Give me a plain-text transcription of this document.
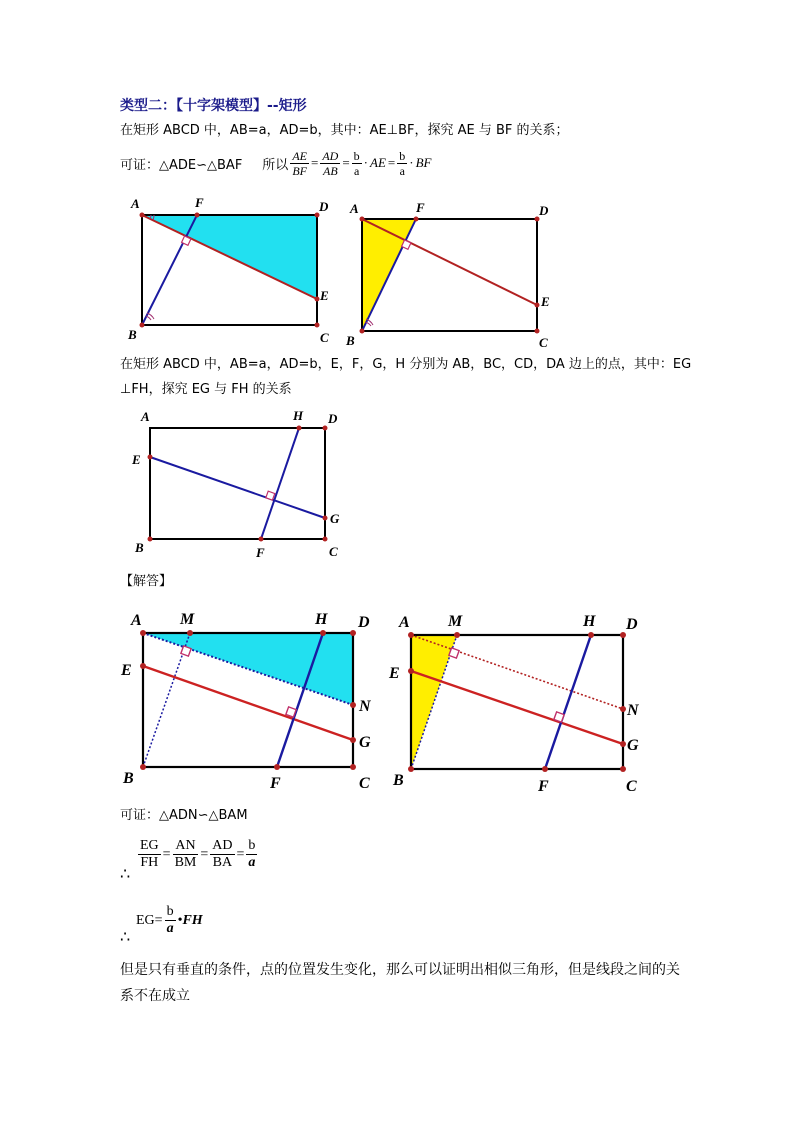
类型二：【十字架模型】--矩形
在矩形 ABCD 中，AB=a，AD=b，其中：AE⊥BF，探究 AE 与 BF 的关系；
可证：△ADE∽△BAF 所以 $\frac{AE}{BF} = \frac{AD}{AB} = \frac{b}{a}$ · AE = $\frac{b}{a}$ · BF
A	F	D
E
C
B
A	F	D
E
C
B
在矩形 ABCD 中，AB=a，AD=b，E，F，G，H 分别为 AB，BC，CD，DA 边上的点，其中：EG
⊥FH，探究 EG 与 FH 的关系
A	H D
E
G
C
F
B
【解答】
A M	H D
E
N
G
C
F
B
A M	H D
E
N
G
C
F
B
可证：△ADN∽△BAM
$\frac{EG}{FH} = \frac{AN}{BM} = \frac{AD}{BA} = \frac{b}{a}$
∴
$EG= \frac{b}{a}$ • FH
∴
但是只有垂直的条件，点的位置发生变化，那么可以证明出相似三角形，但是线段之间的关系不在成立
